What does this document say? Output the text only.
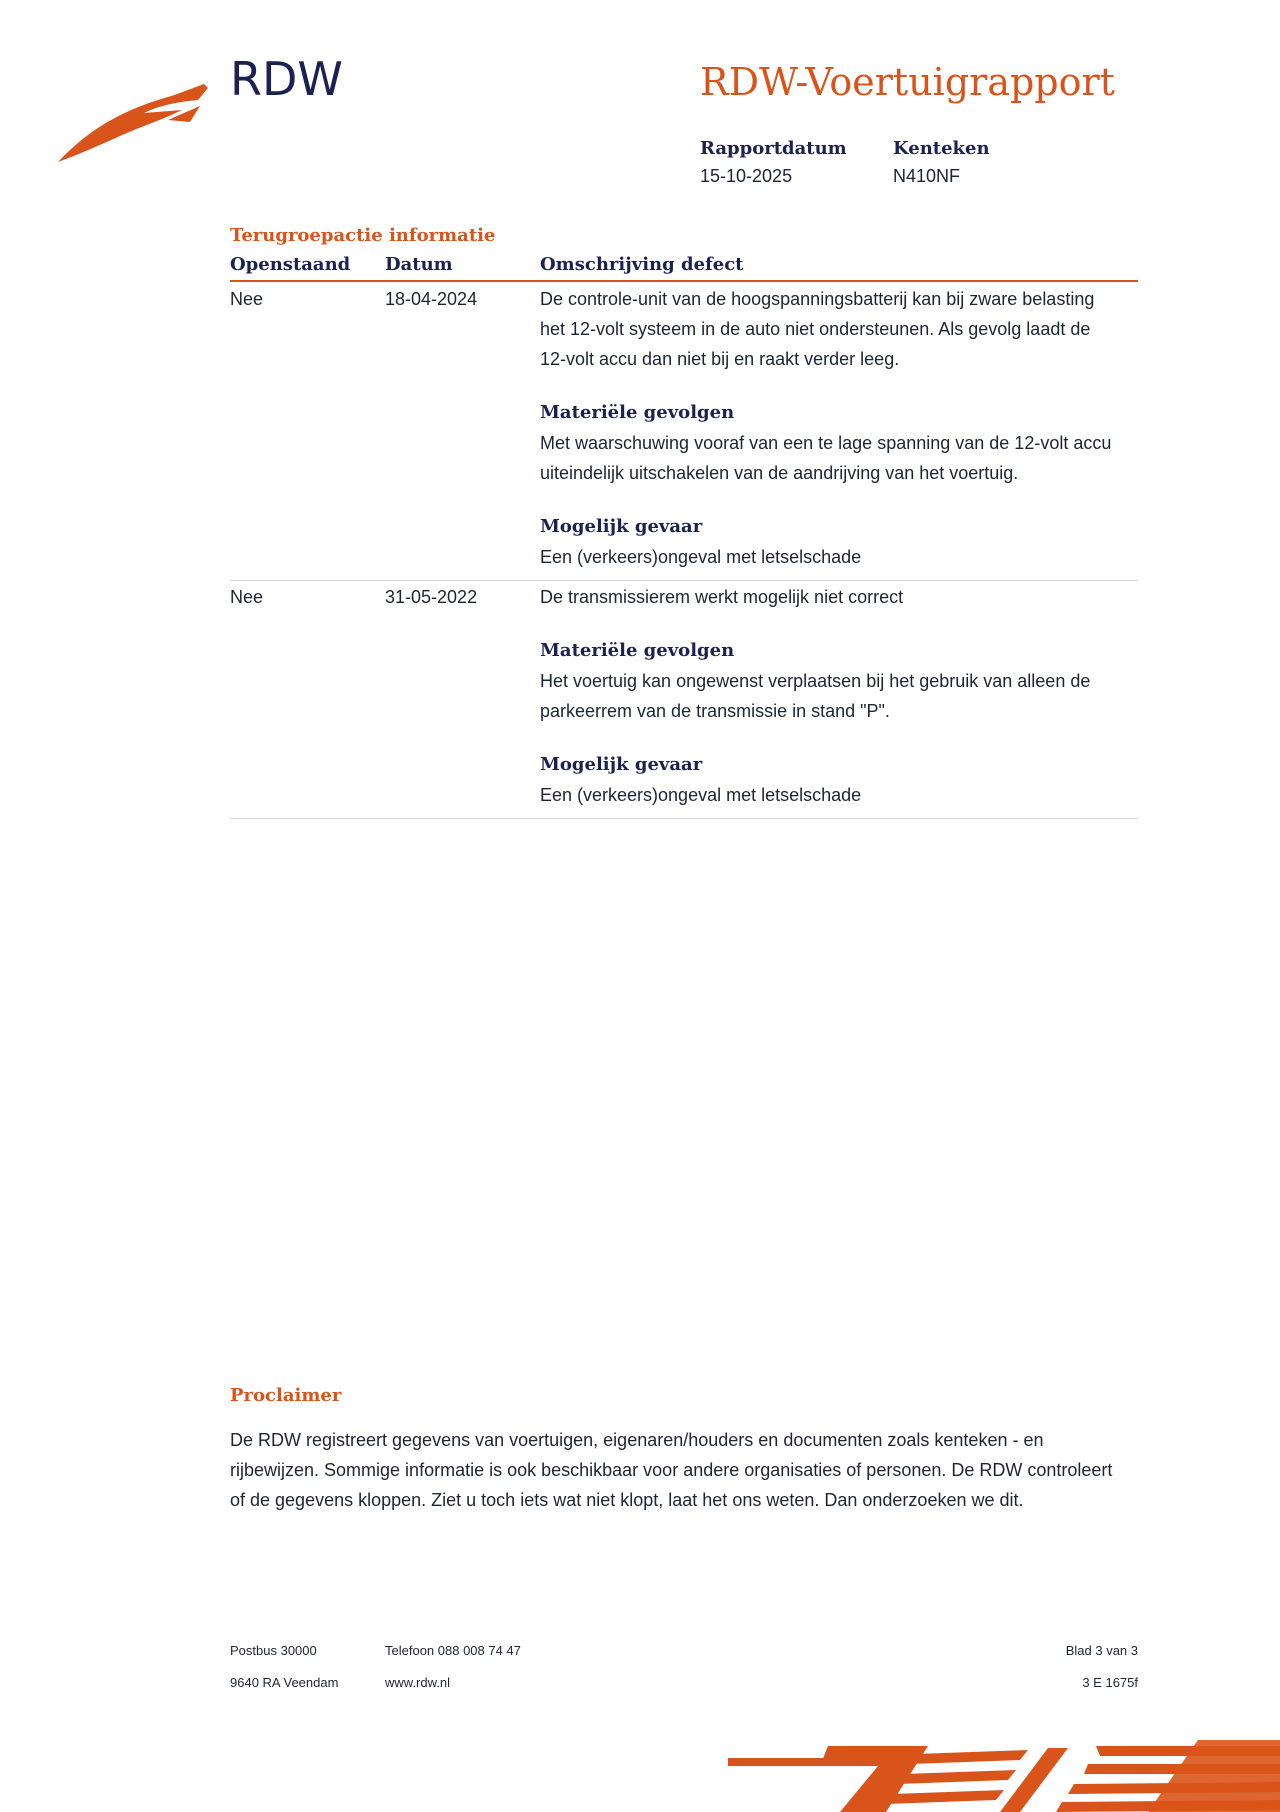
RDW	RDW-Voertuigrapport
Rapportdatum
15-10-2025
Kenteken
N410NF
Terugroepactie informatie
Openstaand Datum	Omschrijving defect
Nee	18-04-2024	De controle-unit van de hoogspanningsbatterij kan bij zware belasting het 12-volt systeem in de auto niet ondersteunen. Als gevolg laadt de 12-volt accu dan niet bij en raakt verder leeg.
Materiële gevolgen
Met waarschuwing vooraf van een te lage spanning van de 12-volt accu uiteindelijk uitschakelen van de aandrijving van het voertuig.
Mogelijk gevaar
Een (verkeers)ongeval met letselschade
Nee	31-05-2022	De transmissierem werkt mogelijk niet correct
Materiële gevolgen
Het voertuig kan ongewenst verplaatsen bij het gebruik van alleen de parkeerrem van de transmissie in stand "P".
Mogelijk gevaar
Een (verkeers)ongeval met letselschade
Proclaimer
De RDW registreert gegevens van voertuigen, eigenaren/houders en documenten zoals kenteken - en rijbewijzen. Sommige informatie is ook beschikbaar voor andere organisaties of personen. De RDW controleert of de gegevens kloppen. Ziet u toch iets wat niet klopt, laat het ons weten. Dan onderzoeken we dit.
Postbus 30000
9640 RA Veendam
Telefoon 088 008 74 47
www.rdw.nl
Blad 3 van 3
3 E 1675f
